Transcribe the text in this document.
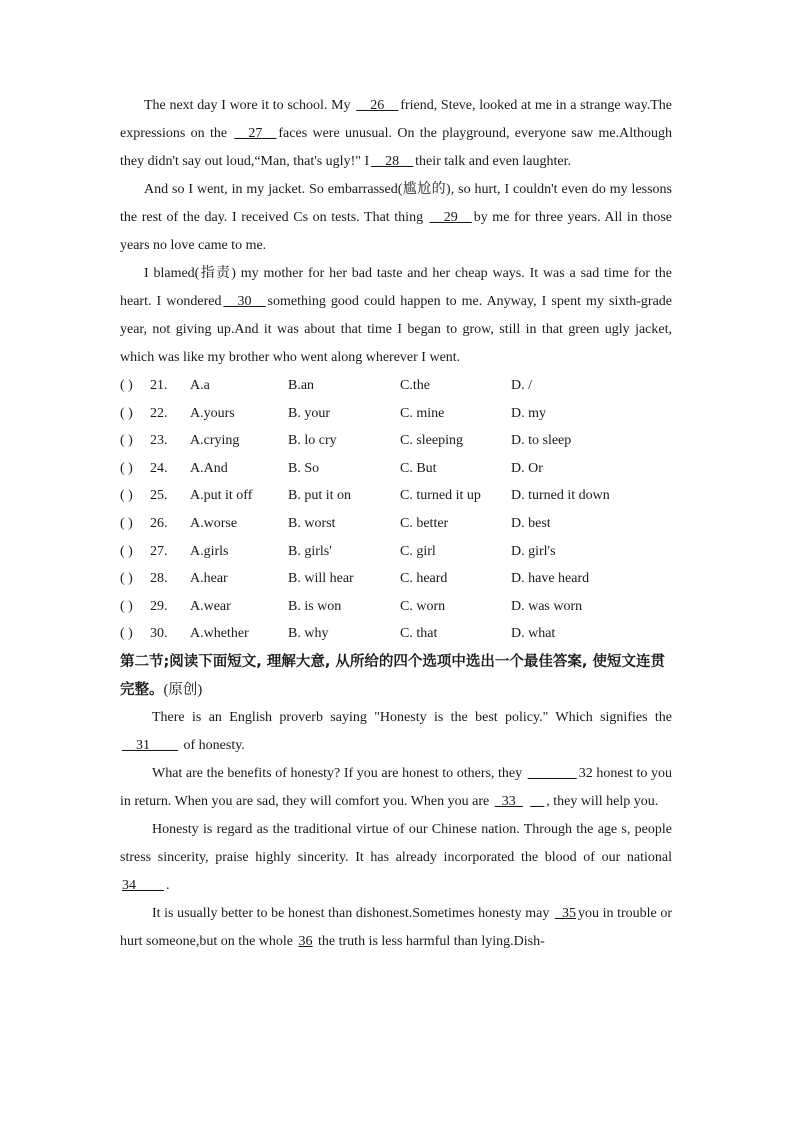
The next day I wore it to school. My __26__ friend, Steve, looked at me in a strange way.The expressions on the __27__ faces were unusual. On the playground, everyone saw me.Although they didn't say out loud,“Man, that's ugly!" I __28__ their talk and even laughter.

And so I went, in my jacket. So embarrassed(尴尬的), so hurt, I couldn't even do my lessons the rest of the day. I received Cs on tests. That thing __29__ by me for three years. All in those years no love came to me.

I blamed(指责) my mother for her bad taste and her cheap ways. It was a sad time for the heart. I wondered __30__ something good could happen to me. Anyway, I spent my sixth-grade year, not giving up.And it was about that time I began to grow, still in that green ugly jacket, which was like my brother who went along wherever I went.

( ) 21. A.a	B.an	C.the	D. /
( ) 22. A.yours	B. your	C. mine	D. my
( ) 23. A.crying	B. lo cry	C. sleeping	D. to sleep
( ) 24. A.And	B. So	C. But	D. Or
( ) 25. A.put it off	B. put it on	C. turned it up D. turned it down
( ) 26. A.worse	B. worst	C. better	D. best
( ) 27. A.girls	B. girls'	C. girl	D. girl's
( ) 28. A.hear	B. will hear	C. heard	D. have heard
( ) 29. A.wear	B. is won	C. worn	D. was worn
( ) 30. A.whether	B. why	C. that	D. what

第二节;阅读下面短文, 理解大意, 从所给的四个选项中选出一个最佳答案, 使短文连贯完整。(原创)

There is an English proverb saying "Honesty is the best policy." Which signifies the __31____ of honesty.

What are the benefits of honesty? If you are honest to others, they _______ 32 honest to you in return. When you are sad, they will comfort you. When you are _33_ __ , they will help you.

Honesty is regard as the traditional virtue of our Chinese nation. Through the age s, people stress sincerity, praise highly sincerity. It has already incorporated the blood of our national 34____ .

It is usually better to be honest than dishonest.Sometimes honesty may _35 you in trouble or hurt someone,but on the whole 36 the truth is less harmful than lying.Dish-
